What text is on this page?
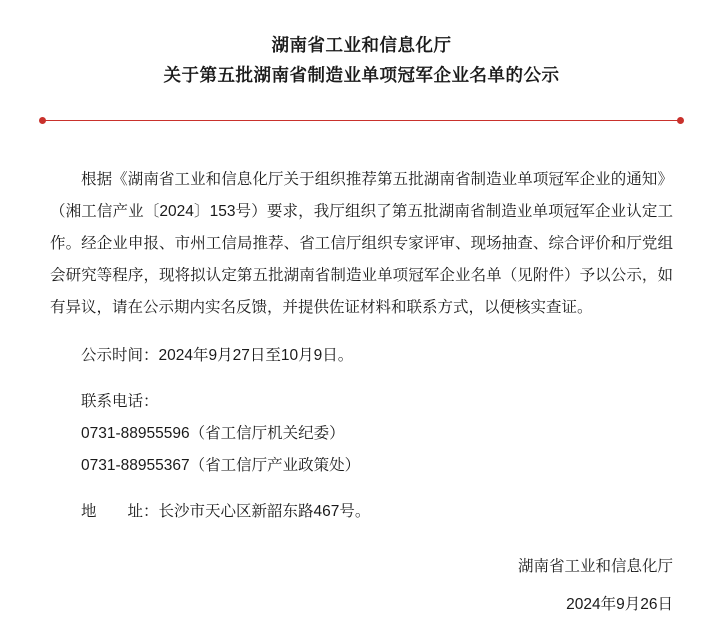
湖南省工业和信息化厅
关于第五批湖南省制造业单项冠军企业名单的公示

根据《湖南省工业和信息化厅关于组织推荐第五批湖南省制造业单项冠军企业的通知》（湘工信产业〔2024〕153号）要求，我厅组织了第五批湖南省制造业单项冠军企业认定工作。经企业申报、市州工信局推荐、省工信厅组织专家评审、现场抽查、综合评价和厅党组会研究等程序，现将拟认定第五批湖南省制造业单项冠军企业名单（见附件）予以公示，如有异议，请在公示期内实名反馈，并提供佐证材料和联系方式，以便核实查证。

公示时间：2024年9月27日至10月9日。

联系电话：

0731-88955596（省工信厅机关纪委）

0731-88955367（省工信厅产业政策处）

地　　址：长沙市天心区新韶东路467号。

湖南省工业和信息化厅
2024年9月26日
